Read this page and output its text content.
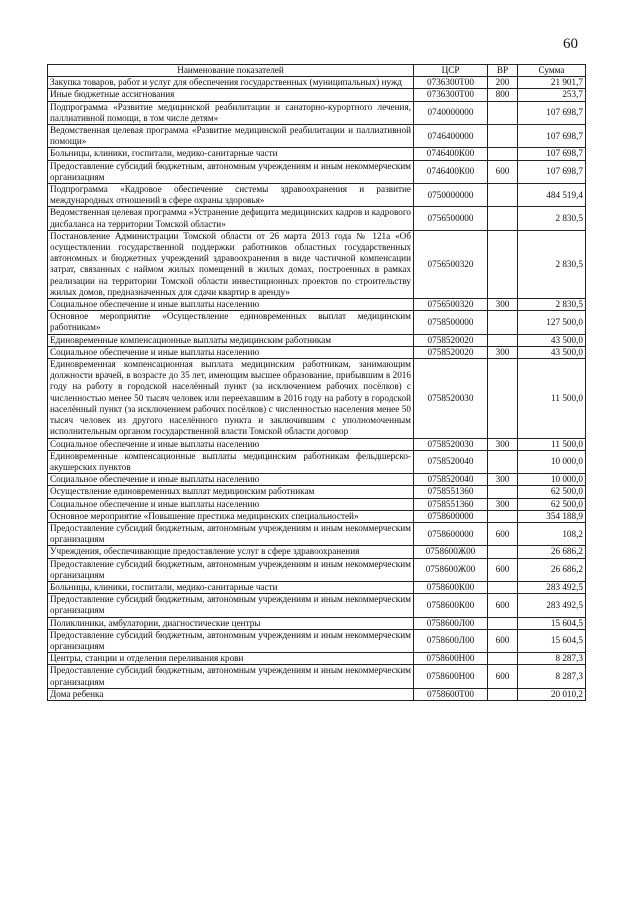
60
Наименование показателей	ЦСР	ВР	Сумма
Закупка товаров, работ и услуг для обеспечения государственных (муниципальных) нужд	0736300Т00	200	21 901,7
Иные бюджетные ассигнования	0736300Т00	800	253,7
Подпрограмма «Развитие медицинской реабилитации и санаторно-курортного лечения, паллиативной помощи, в том числе детям»	0740000000		107 698,7
Ведомственная целевая программа «Развитие медицинской реабилитации и паллиативной помощи»	0746400000		107 698,7
Больницы, клиники, госпитали, медико-санитарные части	0746400К00		107 698,7
Предоставление субсидий бюджетным, автономным учреждениям и иным некоммерческим организациям	0746400К00	600	107 698,7
Подпрограмма «Кадровое обеспечение системы здравоохранения и развитие международных отношений в сфере охраны здоровья»	0750000000		484 519,4
Ведомственная целевая программа «Устранение дефицита медицинских кадров и кадрового дисбаланса на территории Томской области»	0756500000		2 830,5
Постановление Администрации Томской области от 26 марта 2013 года № 121а «Об осуществлении государственной поддержки работников областных государственных автономных и бюджетных учреждений здравоохранения в виде частичной компенсации затрат, связанных с наймом жилых помещений в жилых домах, построенных в рамках реализации на территории Томской области инвестиционных проектов по строительству жилых домов, предназначенных для сдачи квартир в аренду»	0756500320		2 830,5
Социальное обеспечение и иные выплаты населению	0756500320	300	2 830,5
Основное мероприятие «Осуществление единовременных выплат медицинским работникам»	0758500000		127 500,0
Единовременные компенсационные выплаты медицинским работникам	0758520020		43 500,0
Социальное обеспечение и иные выплаты населению	0758520020	300	43 500,0
Единовременная компенсационная выплата медицинским работникам, занимающим должности врачей, в возрасте до 35 лет, имеющим высшее образование, прибывшим в 2016 году на работу в городской населённый пункт (за исключением рабочих посёлков) с численностью менее 50 тысяч человек или переехавшим в 2016 году на работу в городской населённый пункт (за исключением рабочих посёлков) с численностью населения менее 50 тысяч человек из другого населённого пункта и заключившим с уполномоченным исполнительным органом государственной власти Томской области договор	0758520030		11 500,0
Социальное обеспечение и иные выплаты населению	0758520030	300	11 500,0
Единовременные компенсационные выплаты медицинским работникам фельдшерско-акушерских пунктов	0758520040		10 000,0
Социальное обеспечение и иные выплаты населению	0758520040	300	10 000,0
Осуществление единовременных выплат медицинским работникам	0758551360		62 500,0
Социальное обеспечение и иные выплаты населению	0758551360	300	62 500,0
Основное мероприятие «Повышение престижа медицинских специальностей»	0758600000		354 188,9
Предоставление субсидий бюджетным, автономным учреждениям и иным некоммерческим организациям	0758600000	600	108,2
Учреждения, обеспечивающие предоставление услуг в сфере здравоохранения	0758600Ж00		26 686,2
Предоставление субсидий бюджетным, автономным учреждениям и иным некоммерческим организациям	0758600Ж00	600	26 686,2
Больницы, клиники, госпитали, медико-санитарные части	0758600К00		283 492,5
Предоставление субсидий бюджетным, автономным учреждениям и иным некоммерческим организациям	0758600К00	600	283 492,5
Поликлиники, амбулатории, диагностические центры	0758600Л00		15 604,5
Предоставление субсидий бюджетным, автономным учреждениям и иным некоммерческим организациям	0758600Л00	600	15 604,5
Центры, станции и отделения переливания крови	0758600Н00		8 287,3
Предоставление субсидий бюджетным, автономным учреждениям и иным некоммерческим организациям	0758600Н00	600	8 287,3
Дома ребенка	0758600Т00		20 010,2
